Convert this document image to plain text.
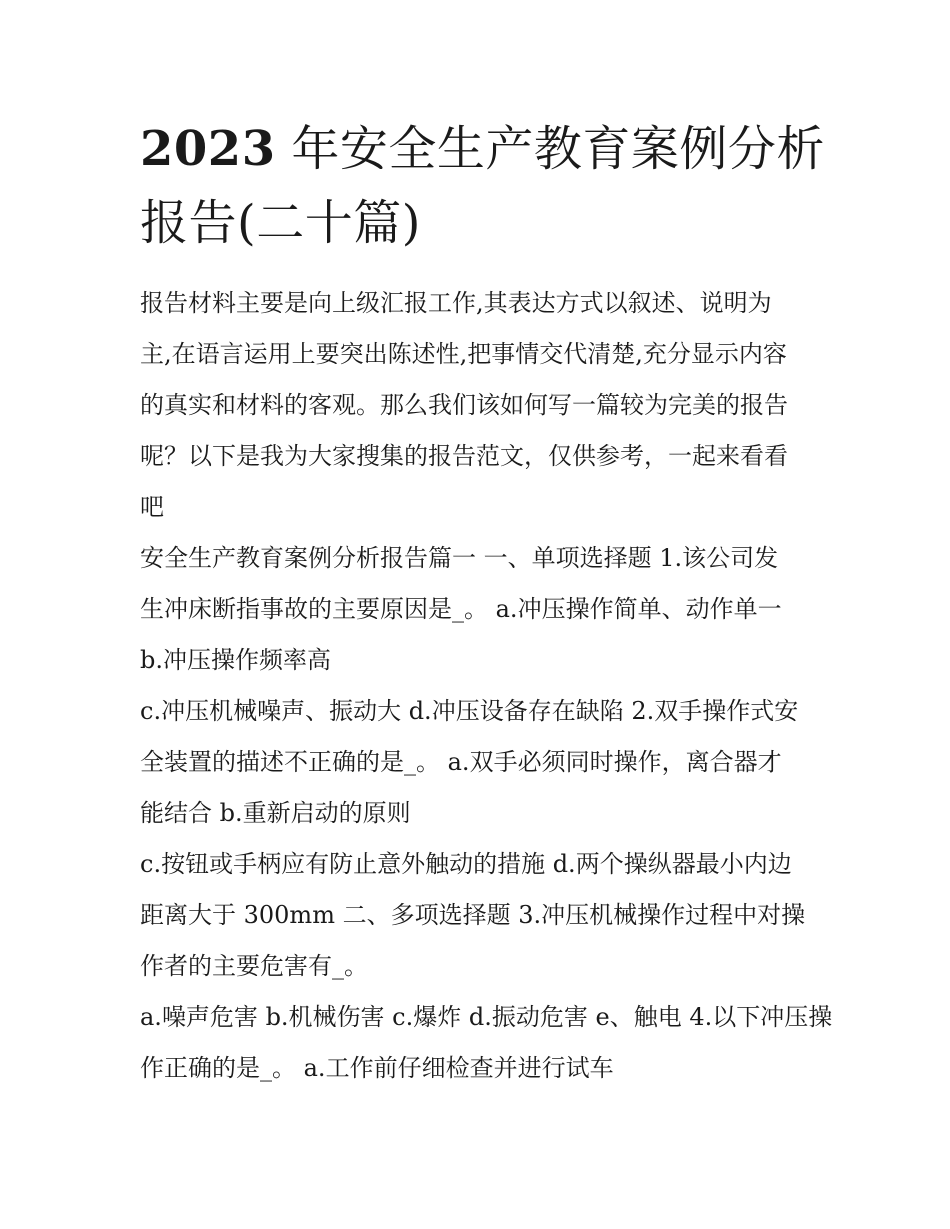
2023 年安全生产教育案例分析
报告(二十篇)

报告材料主要是向上级汇报工作,其表达方式以叙述、说明为
主,在语言运用上要突出陈述性,把事情交代清楚,充分显示内容
的真实和材料的客观。那么我们该如何写一篇较为完美的报告
呢？以下是我为大家搜集的报告范文，仅供参考，一起来看看
吧

安全生产教育案例分析报告篇一 一、单项选择题 1.该公司发
生冲床断指事故的主要原因是_。 a.冲压操作简单、动作单一
b.冲压操作频率高

c.冲压机械噪声、振动大 d.冲压设备存在缺陷 2.双手操作式安
全装置的描述不正确的是_。 a.双手必须同时操作，离合器才
能结合 b.重新启动的原则

c.按钮或手柄应有防止意外触动的措施 d.两个操纵器最小内边
距离大于 300mm 二、多项选择题 3.冲压机械操作过程中对操
作者的主要危害有_。

a.噪声危害 b.机械伤害 c.爆炸 d.振动危害 e、触电 4.以下冲压操
作正确的是_。 a.工作前仔细检查并进行试车
